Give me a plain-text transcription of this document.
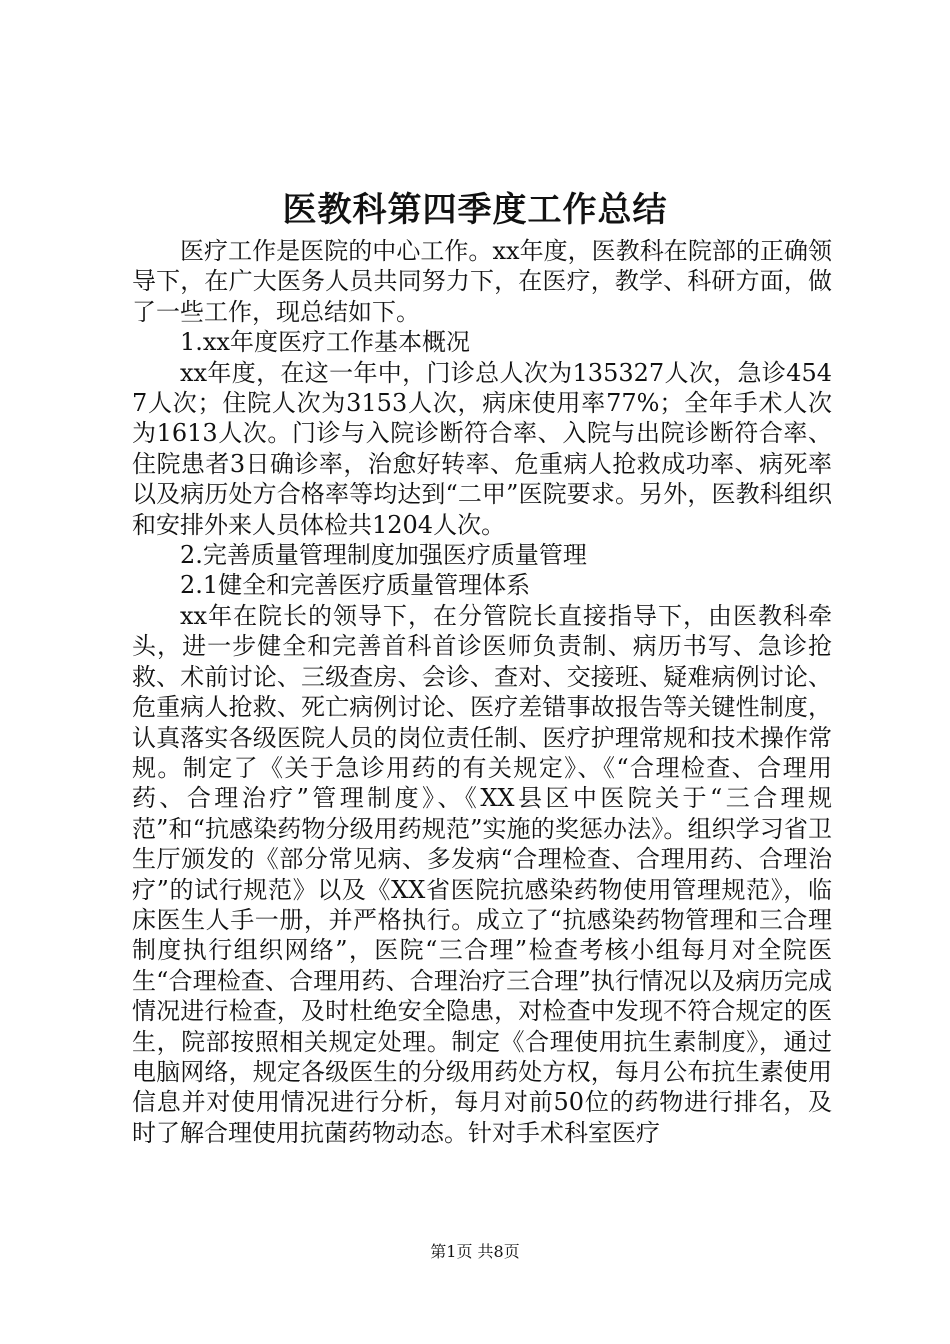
医教科第四季度工作总结

医疗工作是医院的中心工作。xx年度，医教科在院部的正确领导下，在广大医务人员共同努力下，在医疗，教学、科研方面，做了一些工作，现总结如下。

1.xx年度医疗工作基本概况

xx年度，在这一年中，门诊总人次为135327人次，急诊4547人次；住院人次为3153人次，病床使用率77%；全年手术人次为1613人次。门诊与入院诊断符合率、入院与出院诊断符合率、住院患者3日确诊率，治愈好转率、危重病人抢救成功率、病死率以及病历处方合格率等均达到“二甲”医院要求。另外，医教科组织和安排外来人员体检共1204人次。

2.完善质量管理制度加强医疗质量管理

2.1健全和完善医疗质量管理体系

xx年在院长的领导下，在分管院长直接指导下，由医教科牵头，进一步健全和完善首科首诊医师负责制、病历书写、急诊抢救、术前讨论、三级查房、会诊、查对、交接班、疑难病例讨论、危重病人抢救、死亡病例讨论、医疗差错事故报告等关键性制度，认真落实各级医院人员的岗位责任制、医疗护理常规和技术操作常规。制定了《关于急诊用药的有关规定》、《“合理检查、合理用药、合理治疗”管理制度》、《XX县区中医院关于“三合理规范”和“抗感染药物分级用药规范”实施的奖惩办法》。组织学习省卫生厅颁发的《部分常见病、多发病“合理检查、合理用药、合理治疗”的试行规范》以及《XX省医院抗感染药物使用管理规范》，临床医生人手一册，并严格执行。成立了“抗感染药物管理和三合理制度执行组织网络”，医院“三合理”检查考核小组每月对全院医生“合理检查、合理用药、合理治疗三合理”执行情况以及病历完成情况进行检查，及时杜绝安全隐患，对检查中发现不符合规定的医生，院部按照相关规定处理。制定《合理使用抗生素制度》，通过电脑网络，规定各级医生的分级用药处方权，每月公布抗生素使用信息并对使用情况进行分析，每月对前50位的药物进行排名，及时了解合理使用抗菌药物动态。针对手术科室医疗

第1页 共8页
